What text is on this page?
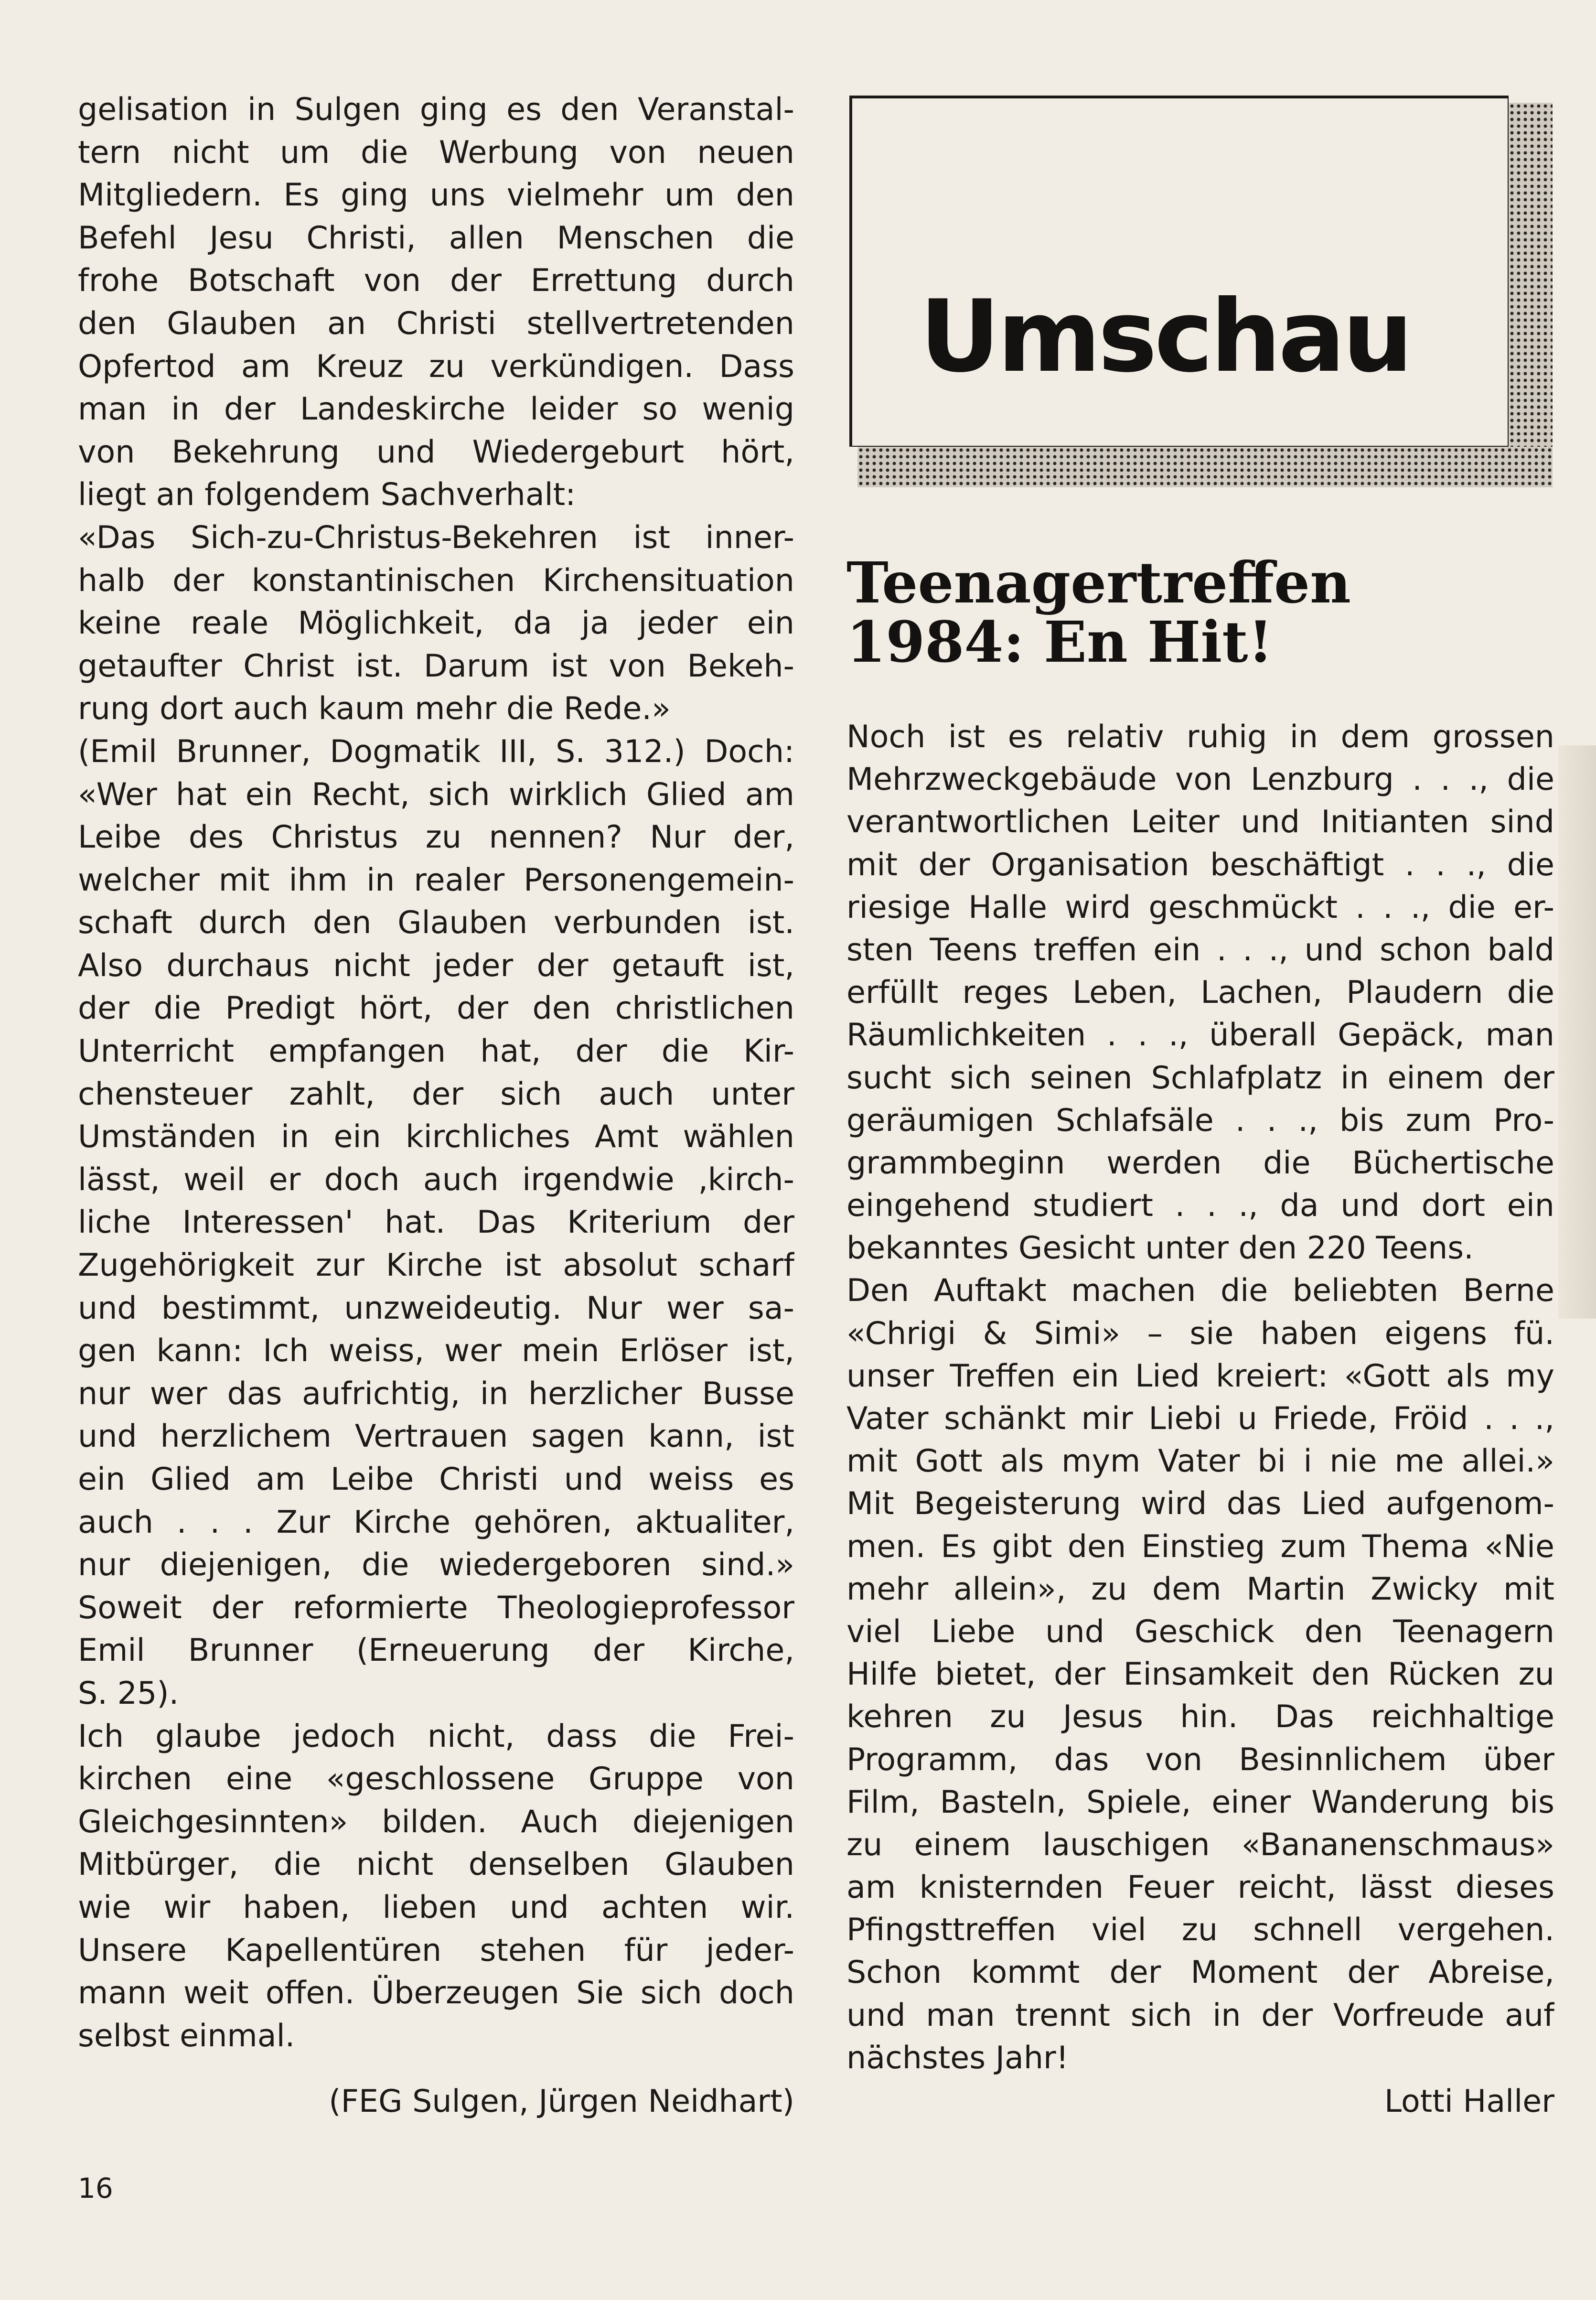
gelisation in Sulgen ging es den Veranstal-
tern nicht um die Werbung von neuen
Mitgliedern. Es ging uns vielmehr um den
Befehl Jesu Christi, allen Menschen die
frohe Botschaft von der Errettung durch
den Glauben an Christi stellvertretenden
Opfertod am Kreuz zu verkündigen. Dass
man in der Landeskirche leider so wenig
von Bekehrung und Wiedergeburt hört,
liegt an folgendem Sachverhalt:
«Das Sich-zu-Christus-Bekehren ist inner-
halb der konstantinischen Kirchensituation
keine reale Möglichkeit, da ja jeder ein
getaufter Christ ist. Darum ist von Bekeh-
rung dort auch kaum mehr die Rede.»
(Emil Brunner, Dogmatik III, S. 312.) Doch:
«Wer hat ein Recht, sich wirklich Glied am
Leibe des Christus zu nennen? Nur der,
welcher mit ihm in realer Personengemein-
schaft durch den Glauben verbunden ist.
Also durchaus nicht jeder der getauft ist,
der die Predigt hört, der den christlichen
Unterricht empfangen hat, der die Kir-
chensteuer zahlt, der sich auch unter
Umständen in ein kirchliches Amt wählen
lässt, weil er doch auch irgendwie ‚kirch-
liche Interessen' hat. Das Kriterium der
Zugehörigkeit zur Kirche ist absolut scharf
und bestimmt, unzweideutig. Nur wer sa-
gen kann: Ich weiss, wer mein Erlöser ist,
nur wer das aufrichtig, in herzlicher Busse
und herzlichem Vertrauen sagen kann, ist
ein Glied am Leibe Christi und weiss es
auch . . . Zur Kirche gehören, aktualiter,
nur diejenigen, die wiedergeboren sind.»
Soweit der reformierte Theologieprofessor
Emil Brunner (Erneuerung der Kirche,
S. 25).
Ich glaube jedoch nicht, dass die Frei-
kirchen eine «geschlossene Gruppe von
Gleichgesinnten» bilden. Auch diejenigen
Mitbürger, die nicht denselben Glauben
wie wir haben, lieben und achten wir.
Unsere Kapellentüren stehen für jeder-
mann weit offen. Überzeugen Sie sich doch
selbst einmal.
(FEG Sulgen, Jürgen Neidhart)
Umschau
Teenagertreffen
1984: En Hit!
Noch ist es relativ ruhig in dem grossen
Mehrzweckgebäude von Lenzburg . . ., die
verantwortlichen Leiter und Initianten sind
mit der Organisation beschäftigt . . ., die
riesige Halle wird geschmückt . . ., die er-
sten Teens treffen ein . . ., und schon bald
erfüllt reges Leben, Lachen, Plaudern die
Räumlichkeiten . . ., überall Gepäck, man
sucht sich seinen Schlafplatz in einem der
geräumigen Schlafsäle . . ., bis zum Pro-
grammbeginn werden die Büchertische
eingehend studiert . . ., da und dort ein
bekanntes Gesicht unter den 220 Teens.
Den Auftakt machen die beliebten Berne
«Chrigi & Simi» – sie haben eigens fü.
unser Treffen ein Lied kreiert: «Gott als my
Vater schänkt mir Liebi u Friede, Fröid . . .,
mit Gott als mym Vater bi i nie me allei.»
Mit Begeisterung wird das Lied aufgenom-
men. Es gibt den Einstieg zum Thema «Nie
mehr allein», zu dem Martin Zwicky mit
viel Liebe und Geschick den Teenagern
Hilfe bietet, der Einsamkeit den Rücken zu
kehren zu Jesus hin. Das reichhaltige
Programm, das von Besinnlichem über
Film, Basteln, Spiele, einer Wanderung bis
zu einem lauschigen «Bananenschmaus»
am knisternden Feuer reicht, lässt dieses
Pfingsttreffen viel zu schnell vergehen.
Schon kommt der Moment der Abreise,
und man trennt sich in der Vorfreude auf
nächstes Jahr!
Lotti Haller
16
